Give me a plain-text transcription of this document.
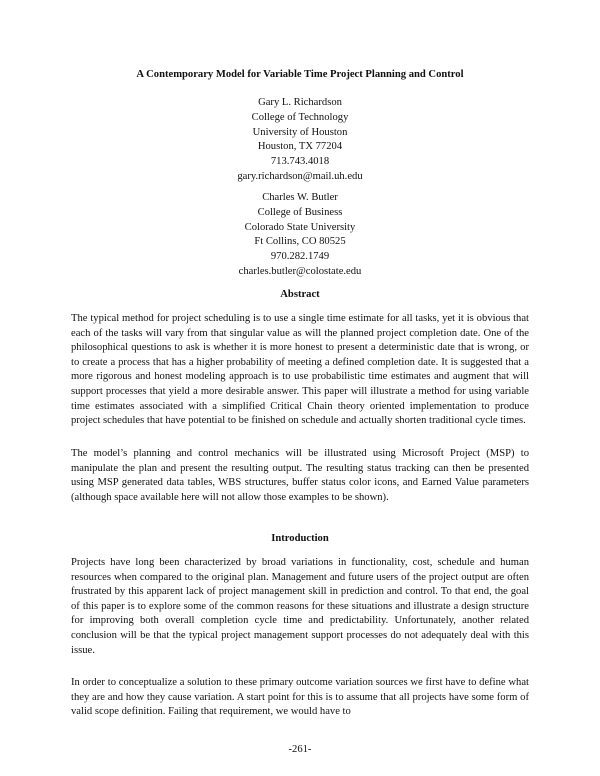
A Contemporary Model for Variable Time Project Planning and Control
Gary L. Richardson
College of Technology
University of Houston
Houston, TX 77204
713.743.4018
gary.richardson@mail.uh.edu
Charles W. Butler
College of Business
Colorado State University
Ft Collins, CO 80525
970.282.1749
charles.butler@colostate.edu
Abstract

The typical method for project scheduling is to use a single time estimate for all tasks, yet it is obvious that each of the tasks will vary from that singular value as will the planned project completion date. One of the philosophical questions to ask is whether it is more honest to present a deterministic date that is wrong, or to create a process that has a higher probability of meeting a defined completion date. It is suggested that a more rigorous and honest modeling approach is to use probabilistic time estimates and augment that will support processes that yield a more desirable answer. This paper will illustrate a method for using variable time estimates associated with a simplified Critical Chain theory oriented implementation to produce project schedules that have potential to be finished on schedule and actually shorten traditional cycle times.

The model’s planning and control mechanics will be illustrated using Microsoft Project (MSP) to manipulate the plan and present the resulting output. The resulting status tracking can then be presented using MSP generated data tables, WBS structures, buffer status color icons, and Earned Value parameters (although space available here will not allow those examples to be shown).

Introduction

Projects have long been characterized by broad variations in functionality, cost, schedule and human resources when compared to the original plan. Management and future users of the project output are often frustrated by this apparent lack of project management skill in prediction and control. To that end, the goal of this paper is to explore some of the common reasons for these situations and illustrate a design structure for improving both overall completion cycle time and predictability. Unfortunately, another related conclusion will be that the typical project management support processes do not adequately deal with this issue.

In order to conceptualize a solution to these primary outcome variation sources we first have to define what they are and how they cause variation. A start point for this is to assume that all projects have some form of valid scope definition. Failing that requirement, we would have to

-261-
